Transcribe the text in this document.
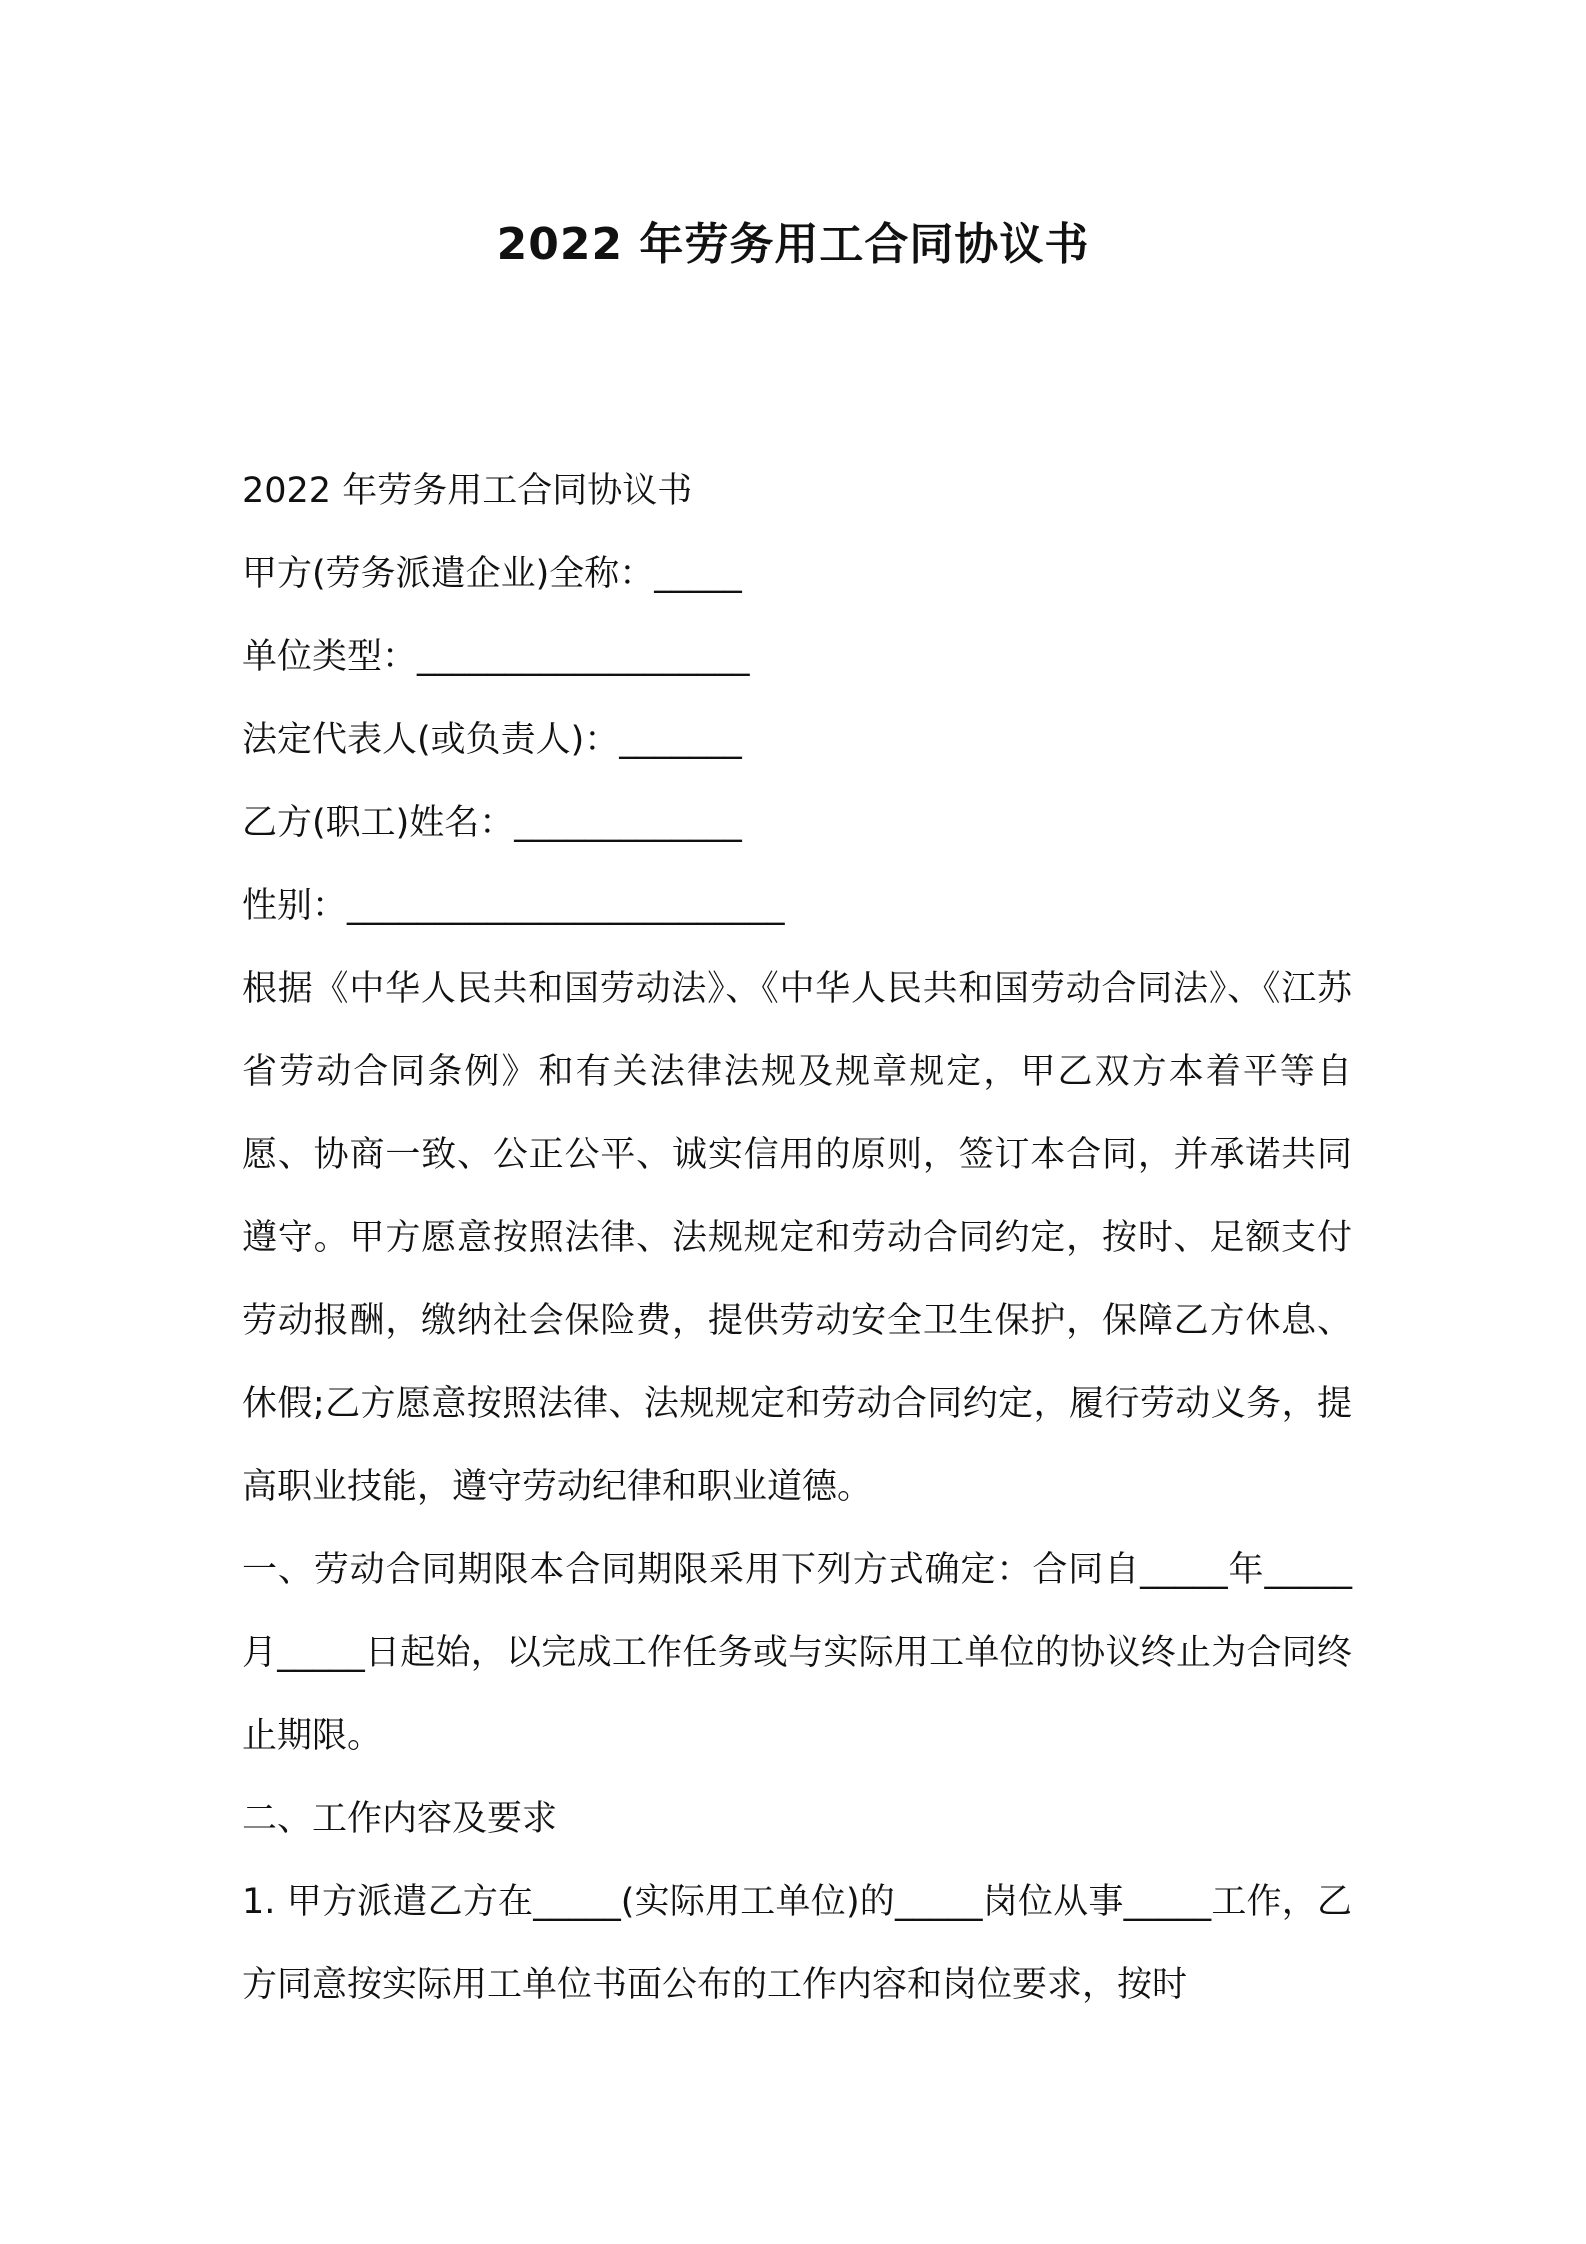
2022 年劳务用工合同协议书

2022 年劳务用工合同协议书

甲方(劳务派遣企业)全称：_____

单位类型：___________________

法定代表人(或负责人)：_______

乙方(职工)姓名：_____________

性别：_________________________

根据《中华人民共和国劳动法》、《中华人民共和国劳动合同法》、《江苏省劳动合同条例》和有关法律法规及规章规定，甲乙双方本着平等自愿、协商一致、公正公平、诚实信用的原则，签订本合同，并承诺共同遵守。甲方愿意按照法律、法规规定和劳动合同约定，按时、足额支付劳动报酬，缴纳社会保险费，提供劳动安全卫生保护，保障乙方休息、休假;乙方愿意按照法律、法规规定和劳动合同约定，履行劳动义务，提高职业技能，遵守劳动纪律和职业道德。

一、劳动合同期限本合同期限采用下列方式确定：合同自_____年_____月_____日起始，以完成工作任务或与实际用工单位的协议终止为合同终止期限。

二、工作内容及要求

1. 甲方派遣乙方在_____(实际用工单位)的_____岗位从事_____工作，乙方同意按实际用工单位书面公布的工作内容和岗位要求，按时
